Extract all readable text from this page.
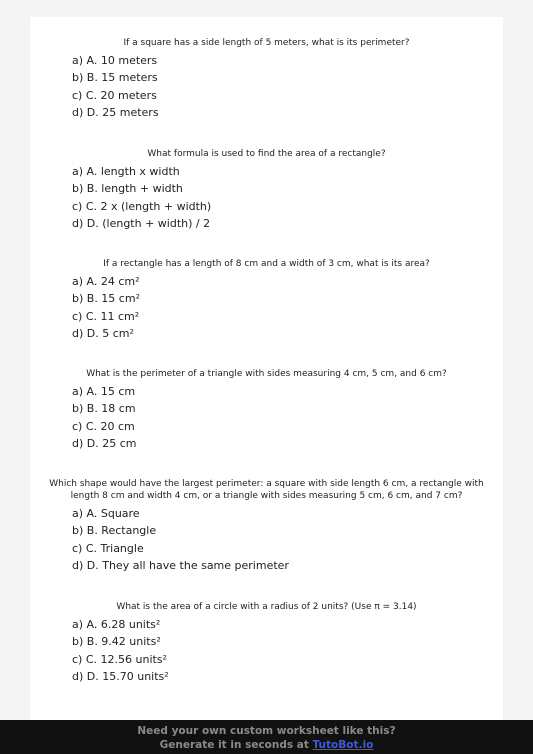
If a square has a side length of 5 meters, what is its perimeter?
a) A. 10 meters
b) B. 15 meters
c) C. 20 meters
d) D. 25 meters
What formula is used to find the area of a rectangle?
a) A. length x width
b) B. length + width
c) C. 2 x (length + width)
d) D. (length + width) / 2
If a rectangle has a length of 8 cm and a width of 3 cm, what is its area?
a) A. 24 cm²
b) B. 15 cm²
c) C. 11 cm²
d) D. 5 cm²
What is the perimeter of a triangle with sides measuring 4 cm, 5 cm, and 6 cm?
a) A. 15 cm
b) B. 18 cm
c) C. 20 cm
d) D. 25 cm
Which shape would have the largest perimeter: a square with side length 6 cm, a rectangle with length 8 cm and width 4 cm, or a triangle with sides measuring 5 cm, 6 cm, and 7 cm?
a) A. Square
b) B. Rectangle
c) C. Triangle
d) D. They all have the same perimeter
What is the area of a circle with a radius of 2 units? (Use π = 3.14)
a) A. 6.28 units²
b) B. 9.42 units²
c) C. 12.56 units²
d) D. 15.70 units²
Need your own custom worksheet like this?
Generate it in seconds at TutoBot.io
